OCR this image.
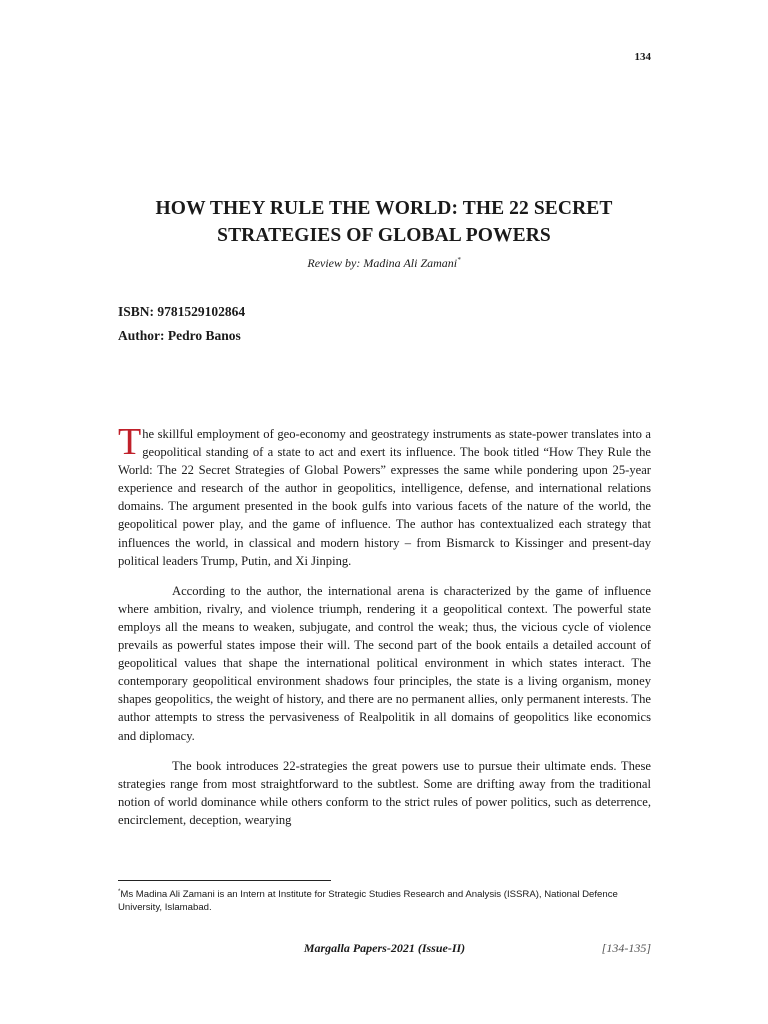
134
HOW THEY RULE THE WORLD: THE 22 SECRET STRATEGIES OF GLOBAL POWERS
Review by: Madina Ali Zamani*
ISBN: 9781529102864
Author: Pedro Banos

The skillful employment of geo-economy and geostrategy instruments as state-power translates into a geopolitical standing of a state to act and exert its influence. The book titled “How They Rule the World: The 22 Secret Strategies of Global Powers” expresses the same while pondering upon 25-year experience and research of the author in geopolitics, intelligence, defense, and international relations domains. The argument presented in the book gulfs into various facets of the nature of the world, the geopolitical power play, and the game of influence. The author has contextualized each strategy that influences the world, in classical and modern history – from Bismarck to Kissinger and present-day political leaders Trump, Putin, and Xi Jinping.

According to the author, the international arena is characterized by the game of influence where ambition, rivalry, and violence triumph, rendering it a geopolitical context. The powerful state employs all the means to weaken, subjugate, and control the weak; thus, the vicious cycle of violence prevails as powerful states impose their will. The second part of the book entails a detailed account of geopolitical values that shape the international political environment in which states interact. The contemporary geopolitical environment shadows four principles, the state is a living organism, money shapes geopolitics, the weight of history, and there are no permanent allies, only permanent interests. The author attempts to stress the pervasiveness of Realpolitik in all domains of geopolitics like economics and diplomacy.

The book introduces 22-strategies the great powers use to pursue their ultimate ends. These strategies range from most straightforward to the subtlest. Some are drifting away from the traditional notion of world dominance while others conform to the strict rules of power politics, such as deterrence, encirclement, deception, wearying

*Ms Madina Ali Zamani is an Intern at Institute for Strategic Studies Research and Analysis (ISSRA), National Defence University, Islamabad.
Margalla Papers-2021 (Issue-II)	[134-135]
